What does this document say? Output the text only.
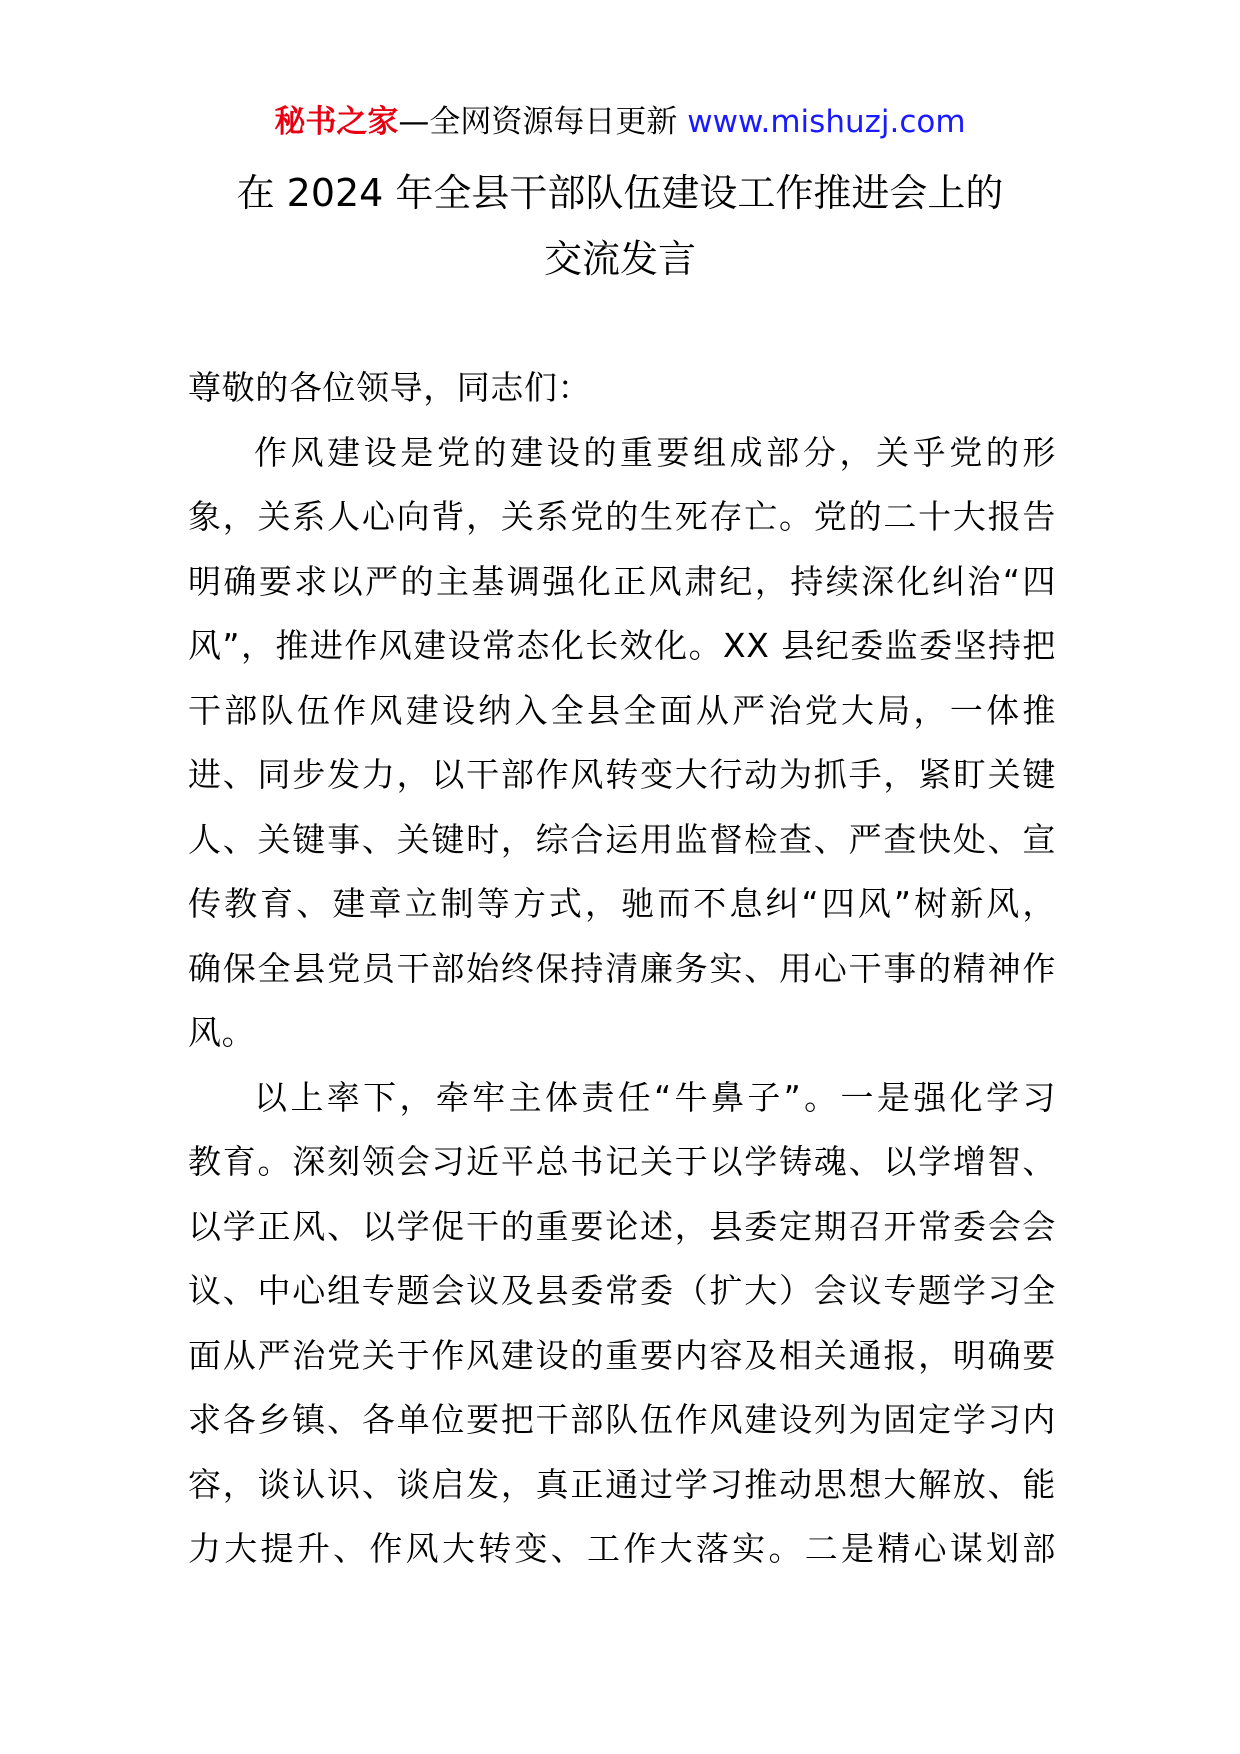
秘书之家—全网资源每日更新 www.mishuzj.com
在 2024 年全县干部队伍建设工作推进会上的
交流发言

尊敬的各位领导，同志们：

作风建设是党的建设的重要组成部分，关乎党的形
象，关系人心向背，关系党的生死存亡。党的二十大报告
明确要求以严的主基调强化正风肃纪，持续深化纠治“四
风”，推进作风建设常态化长效化。XX 县纪委监委坚持把
干部队伍作风建设纳入全县全面从严治党大局，一体推
进、同步发力，以干部作风转变大行动为抓手，紧盯关键
人、关键事、关键时，综合运用监督检查、严查快处、宣
传教育、建章立制等方式，驰而不息纠“四风”树新风，
确保全县党员干部始终保持清廉务实、用心干事的精神作
风。
以上率下，牵牢主体责任“牛鼻子”。一是强化学习
教育。深刻领会习近平总书记关于以学铸魂、以学增智、
以学正风、以学促干的重要论述，县委定期召开常委会会
议、中心组专题会议及县委常委（扩大）会议专题学习全
面从严治党关于作风建设的重要内容及相关通报，明确要
求各乡镇、各单位要把干部队伍作风建设列为固定学习内
容，谈认识、谈启发，真正通过学习推动思想大解放、能
力大提升、作风大转变、工作大落实。二是精心谋划部
